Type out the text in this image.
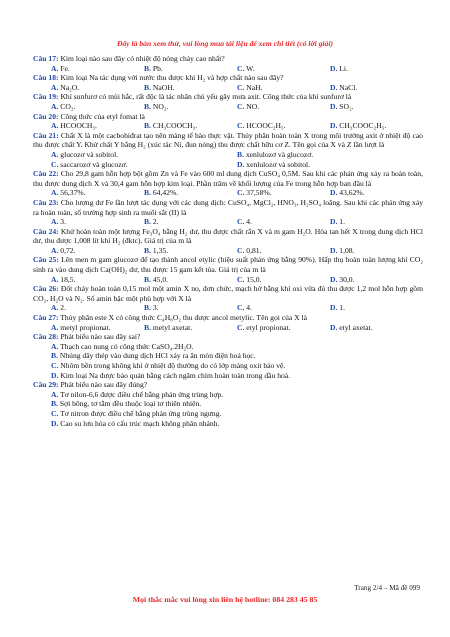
Đây là bản xem thử, vui lòng mua tài liệu để xem chi tiết (có lời giải)

Câu 17: Kim loại nào sau đây có nhiệt độ nóng chảy cao nhất?

A. Fe.	B. Pb.	C. W.	D. Li.

Câu 18: Kim loại Na tác dụng với nước thu được khí H₂ và hợp chất nào sau đây?

A. Na₂O.	B. NaOH.	C. NaH.	D. NaCl.

Câu 19: Khí sunfurơ có mùi hắc, rất độc là tác nhân chủ yếu gây mưa axit. Công thức của khí sunfurơ là

A. CO₂.	B. NO₂.	C. NO.	D. SO₂.

Câu 20: Công thức của etyl fomat là

A. HCOOCH₃.	B. CH₃COOCH₃.	C. HCOOC₂H₅.	D. CH₃COOC₂H₅.

Câu 21: Chất X là một cacbohiđrat tạo nên màng tế bào thực vật. Thủy phân hoàn toàn X trong môi trường axit ở nhiệt độ cao thu được chất Y. Khử chất Y bằng H₂ (xúc tác Ni, đun nóng) thu được chất hữu cơ Z. Tên gọi của X và Z lần lượt là

A. glucozơ và sobitol.	B. xenlulozơ và glucozơ.
C. saccarozơ và glucozơ.	D. xenlulozơ và sobitol.

Câu 22: Cho 29,8 gam hỗn hợp bột gồm Zn và Fe vào 600 ml dung dịch CuSO₄ 0,5M. Sau khi các phản ứng xảy ra hoàn toàn, thu được dung dịch X và 30,4 gam hỗn hợp kim loại. Phần trăm về khối lượng của Fe trong hỗn hợp ban đầu là

A. 56,37%.	B. 64,42%.	C. 37,58%.	D. 43,62%.

Câu 23: Cho lượng dư Fe lần lượt tác dụng với các dung dịch: CuSO₄, MgCl₂, HNO₃, H₂SO₄ loãng. Sau khi các phản ứng xảy ra hoàn toàn, số trường hợp sinh ra muối sắt (II) là

A. 3.	B. 2.	C. 4.	D. 1.

Câu 24: Khử hoàn toàn một lượng Fe₃O₄ bằng H₂ dư, thu được chất rắn X và m gam H₂O. Hòa tan hết X trong dung dịch HCl dư, thu được 1,008 lít khí H₂ (đktc). Giá trị của m là

A. 0,72.	B. 1,35.	C. 0,81.	D. 1,08.

Câu 25: Lên men m gam glucozơ để tạo thành ancol etylic (hiệu suất phản ứng bằng 90%). Hấp thụ hoàn toàn lượng khí CO₂ sinh ra vào dung dịch Ca(OH)₂ dư, thu được 15 gam kết tủa. Giá trị của m là

A. 18,5.	B. 45,0.	C. 15,0.	D. 30,0.

Câu 26: Đốt cháy hoàn toàn 0,15 mol một amin X no, đơn chức, mạch hở bằng khí oxi vừa đủ thu được 1,2 mol hỗn hợp gồm CO₂, H₂O và N₂. Số amin bậc một phù hợp với X là

A. 2.	B. 3.	C. 4.	D. 1.

Câu 27: Thủy phân este X có công thức C₄H₈O₂ thu được ancol metylic. Tên gọi của X là

A. metyl propionat.	B. metyl axetat.	C. etyl propionat.	D. etyl axetat.

Câu 28: Phát biểu nào sau đây sai?

A. Thạch cao nung có công thức CaSO₄.2H₂O.
B. Nhúng dây thép vào dung dịch HCl xảy ra ăn mòn điện hoá học.
C. Nhôm bền trong không khí ở nhiệt độ thường do có lớp màng oxit bảo vệ.
D. Kim loại Na được bảo quản bằng cách ngâm chìm hoàn toàn trong dầu hoả.

Câu 29: Phát biểu nào sau đây đúng?

A. Tơ nilon-6,6 được điều chế bằng phản ứng trùng hợp.
B. Sợi bông, tơ tằm đều thuộc loại tơ thiên nhiên.
C. Tơ nitron được điều chế bằng phản ứng trùng ngưng.
D. Cao su lưu hóa có cấu trúc mạch không phân nhánh.
Trang 2/4 – Mã đề 099
Mọi thắc mắc vui lòng xin liên hệ hotline: 084 283 45 85
